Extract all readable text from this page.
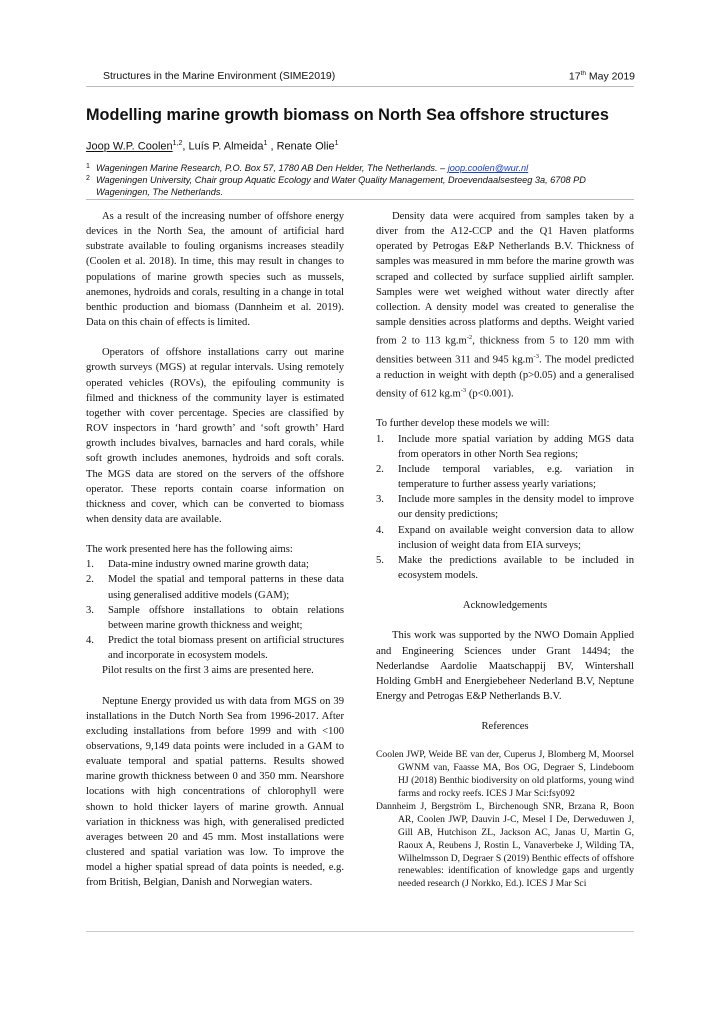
Structures in the Marine Environment (SIME2019)	17th May 2019
Modelling marine growth biomass on North Sea offshore structures
Joop W.P. Coolen$^{1,2}$, Luís P. Almeida$^1$ , Renate Olie$^1$
1 Wageningen Marine Research, P.O. Box 57, 1780 AB Den Helder, The Netherlands. – joop.coolen@wur.nl
2 Wageningen University, Chair group Aquatic Ecology and Water Quality Management, Droevendaalsesteeg 3a, 6708 PD Wageningen, The Netherlands.

As a result of the increasing number of offshore energy devices in the North Sea, the amount of artificial hard substrate available to fouling organisms increases steadily (Coolen et al. 2018). In time, this may result in changes to populations of marine growth species such as mussels, anemones, hydroids and corals, resulting in a change in total benthic production and biomass (Dannheim et al. 2019). Data on this chain of effects is limited.

Operators of offshore installations carry out marine growth surveys (MGS) at regular intervals. Using remotely operated vehicles (ROVs), the epifouling community is filmed and thickness of the community layer is estimated together with cover percentage. Species are classified by ROV inspectors in ‘hard growth’ and ‘soft growth’ Hard growth includes bivalves, barnacles and hard corals, while soft growth includes anemones, hydroids and soft corals. The MGS data are stored on the servers of the offshore operator. These reports contain coarse information on thickness and cover, which can be converted to biomass when density data are available.

The work presented here has the following aims:

1.	Data-mine industry owned marine growth data;
2.	Model the spatial and temporal patterns in these data using generalised additive models (GAM);
3.	Sample offshore installations to obtain relations between marine growth thickness and weight;
4.	Predict the total biomass present on artificial structures and incorporate in ecosystem models.

Pilot results on the first 3 aims are presented here.

Neptune Energy provided us with data from MGS on 39 installations in the Dutch North Sea from 1996-2017. After excluding installations from before 1999 and with <100 observations, 9,149 data points were included in a GAM to evaluate temporal and spatial patterns. Results showed marine growth thickness between 0 and 350 mm. Nearshore locations with high concentrations of chlorophyll were shown to hold thicker layers of marine growth. Annual variation in thickness was high, with generalised predicted averages between 20 and 45 mm. Most installations were clustered and spatial variation was low. To improve the model a higher spatial spread of data points is needed, e.g. from British, Belgian, Danish and Norwegian waters.

Density data were acquired from samples taken by a diver from the A12-CCP and the Q1 Haven platforms operated by Petrogas E&P Netherlands B.V. Thickness of samples was measured in mm before the marine growth was scraped and collected by surface supplied airlift sampler. Samples were wet weighed without water directly after collection. A density model was created to generalise the sample densities across platforms and depths. Weight varied from 2 to 113 $kg.m^{-2}$, thickness from 5 to 120 mm with densities between 311 and 945 $kg.m^{-3}$. The model predicted a reduction in weight with depth (p>0.05) and a generalised density of 612 $kg.m^{-3}$ (p<0.001).

To further develop these models we will:

1.	Include more spatial variation by adding MGS data from operators in other North Sea regions;
2.	Include temporal variables, e.g. variation in temperature to further assess yearly variations;
3.	Include more samples in the density model to improve our density predictions;
4.	Expand on available weight conversion data to allow inclusion of weight data from EIA surveys;
5.	Make the predictions available to be included in ecosystem models.

Acknowledgements

This work was supported by the NWO Domain Applied and Engineering Sciences under Grant 14494; the Nederlandse Aardolie Maatschappij BV, Wintershall Holding GmbH and Energiebeheer Nederland B.V, Neptune Energy and Petrogas E&P Netherlands B.V.

References

Coolen JWP, Weide BE van der, Cuperus J, Blomberg M, Moorsel GWNM van, Faasse MA, Bos OG, Degraer S, Lindeboom HJ (2018) Benthic biodiversity on old platforms, young wind farms and rocky reefs. ICES J Mar Sci:fsy092
Dannheim J, Bergström L, Birchenough SNR, Brzana R, Boon AR, Coolen JWP, Dauvin J-C, Mesel I De, Derweduwen J, Gill AB, Hutchison ZL, Jackson AC, Janas U, Martin G, Raoux A, Reubens J, Rostin L, Vanaverbeke J, Wilding TA, Wilhelmsson D, Degraer S (2019) Benthic effects of offshore renewables: identification of knowledge gaps and urgently needed research (J Norkko, Ed.). ICES J Mar Sci
